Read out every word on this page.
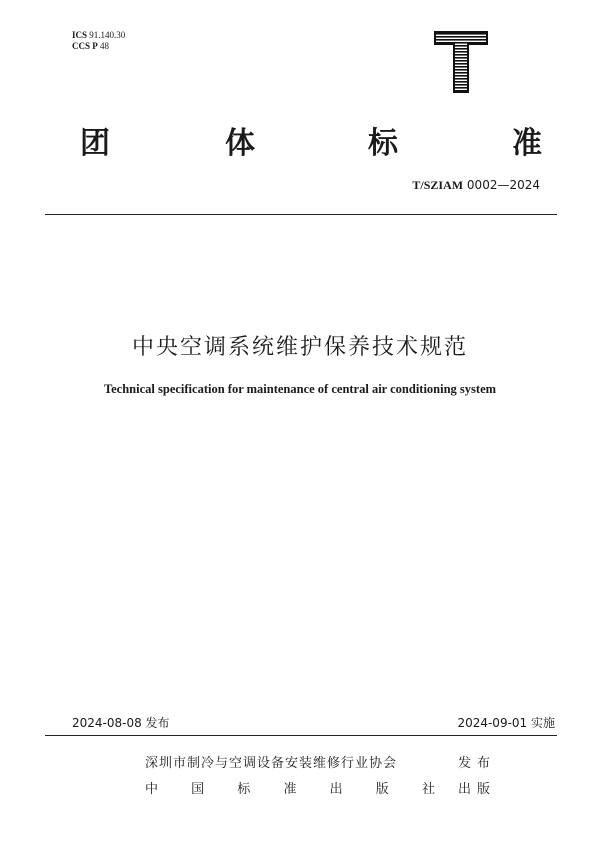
ICS 91.140.30
CCS P 48
T
团	体	标	准
T/SZIAM 0002—2024
中央空调系统维护保养技术规范
Technical specification for maintenance of central air conditioning system
2024-08-08 发布	2024-09-01 实施
深圳市制冷与空调设备安装维修行业协会	发布
中	国	标	准	出	版	社 出版
